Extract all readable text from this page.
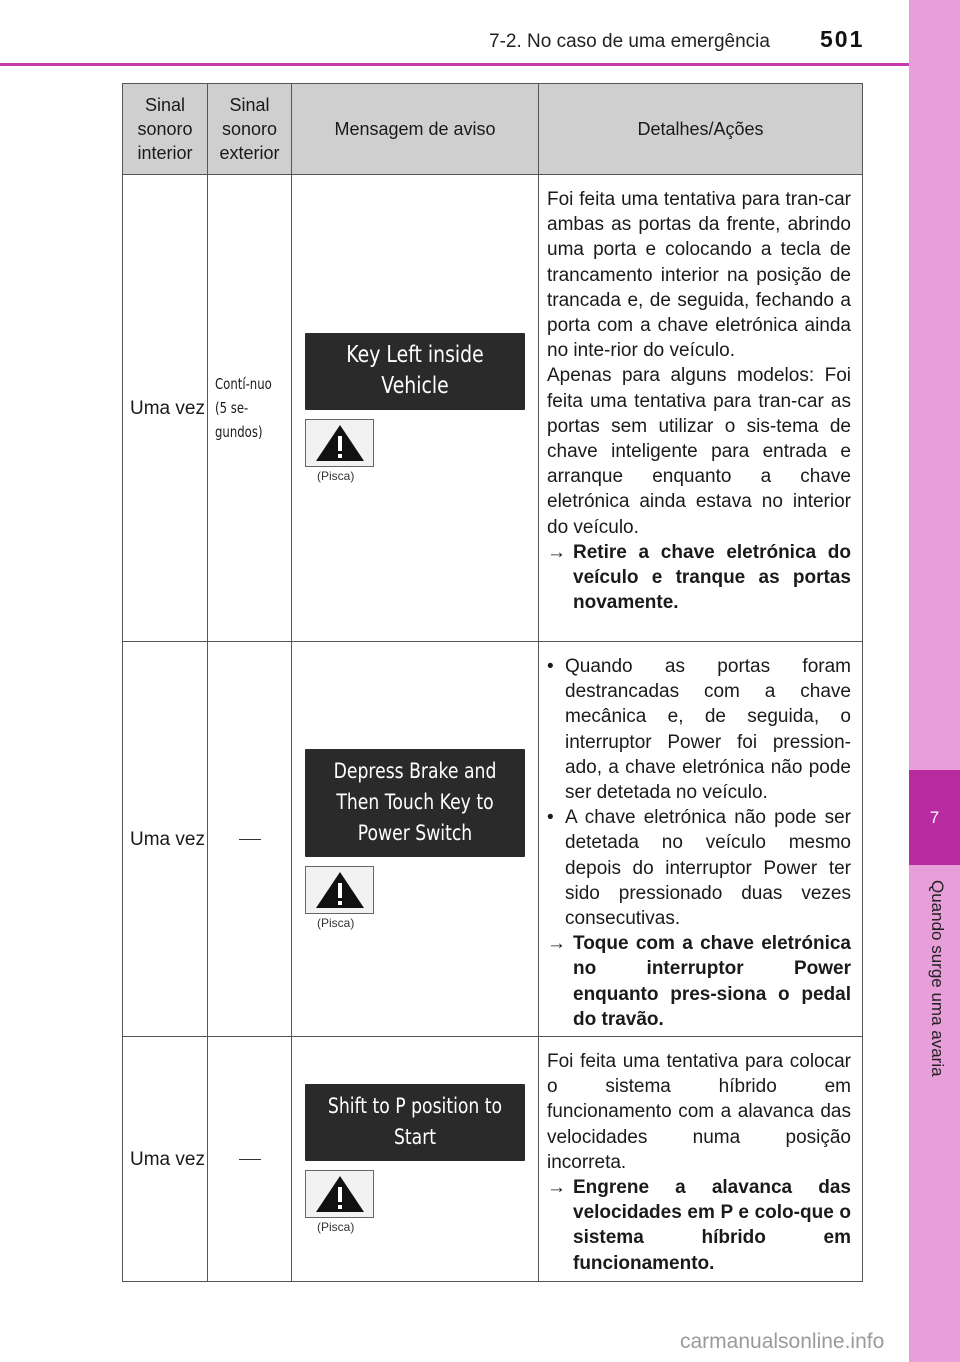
7
Quando surge uma avaria
7-2. No caso de uma emergência 501
Sinal sonoro interior
Sinal sonoro exterior
Mensagem de aviso	Detalhes/Ações
Uma vez
Contí-nuo (5 se-gundos)
Key Left inside Vehicle
(Pisca)

Foi feita uma tentativa para tran-car ambas as portas da frente, abrindo uma porta e colocando a tecla de trancamento interior na posição de trancada e, de seguida, fechando a porta com a chave eletrónica ainda no inte-rior do veículo.

Apenas para alguns modelos: Foi feita uma tentativa para tran-car as portas sem utilizar o sis-tema de chave inteligente para entrada e arranque enquanto a chave eletrónica ainda estava no interior do veículo.

→ Retire a chave eletrónica do veículo e tranque as portas novamente.
Uma vez
Depress Brake and Then Touch Key to Power Switch
(Pisca)
• Quando as portas foram destrancadas com a chave mecânica e, de seguida, o interruptor Power foi pression-ado, a chave eletrónica não pode ser detetada no veículo.
• A chave eletrónica não pode ser detetada no veículo mesmo depois do interruptor Power ter sido pressionado duas vezes consecutivas.
→ Toque com a chave eletrónica no interruptor Power enquanto pres-siona o pedal do travão.
Uma vez
Shift to P position to Start
(Pisca)

Foi feita uma tentativa para colocar o sistema híbrido em funcionamento com a alavanca das velocidades numa posição incorreta.

→ Engrene a alavanca das velocidades em P e colo-que o sistema híbrido em funcionamento.
carmanualsonline.info
